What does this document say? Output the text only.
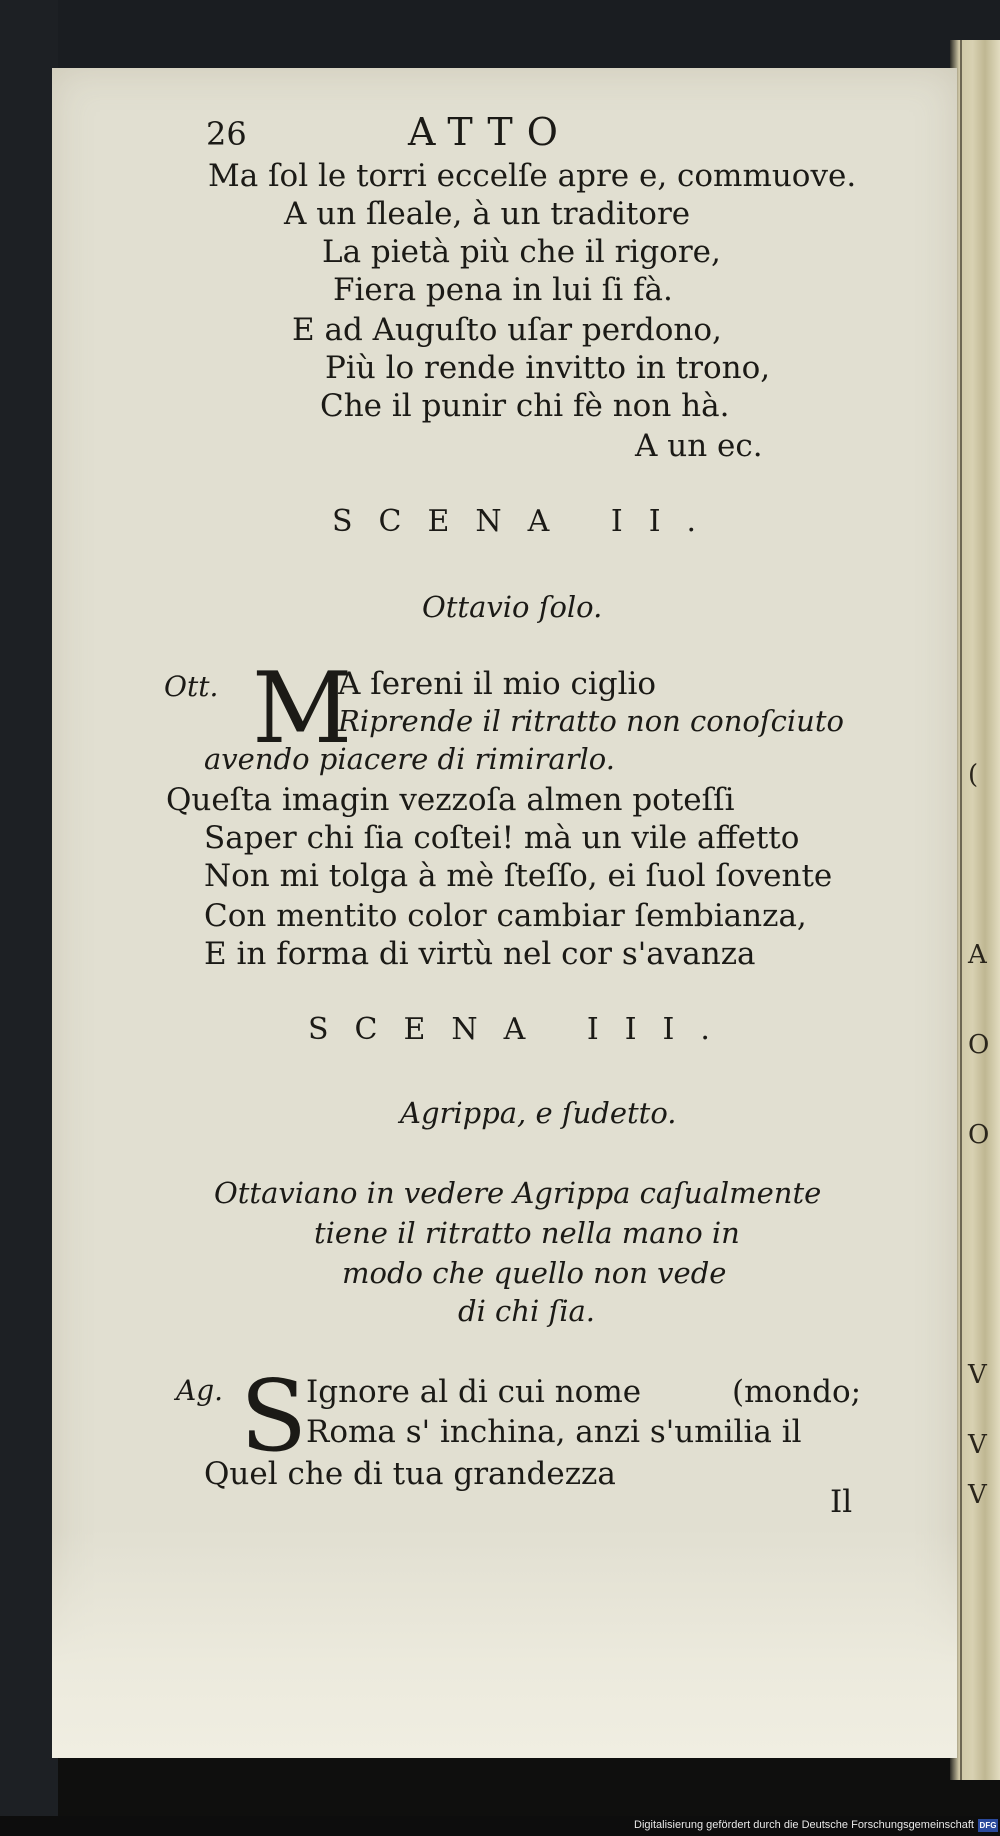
(
A
O
O
V
V
V
26	ATTO
Ma ſol le torri eccelſe apre e, commuove.
A un ſleale, à un traditore
La pietà più che il rigore,
Fiera pena in lui ſi fà.
E ad Auguſto uſar perdono,
Più lo rende invitto in trono,
Che il punir chi fè non hà.
A un ec.
SCENA II.
Ottavio ſolo.
Ott. M
A ſereni il mio ciglio
Riprende il ritratto non conoſciuto
avendo piacere di rimirarlo.
Queſta imagin vezzoſa almen poteſſi
Saper chi ſia coſtei! mà un vile affetto
Non mi tolga à mè ſteſſo, ei ſuol ſovente
Con mentito color cambiar ſembianza,
E in forma di virtù nel cor s'avanza
SCENA III.
Agrippa, e ſudetto.
Ottaviano in vedere Agrippa caſualmente
tiene il ritratto nella mano in
modo che quello non vede
di chi ſia.
Ag. S
Ignore al di cui nome	(mondo;
Roma s' inchina, anzi s'umilia il
Quel che di tua grandezza
Il
Digitalisierung gefördert durch die Deutsche Forschungsgemeinschaft DFG
